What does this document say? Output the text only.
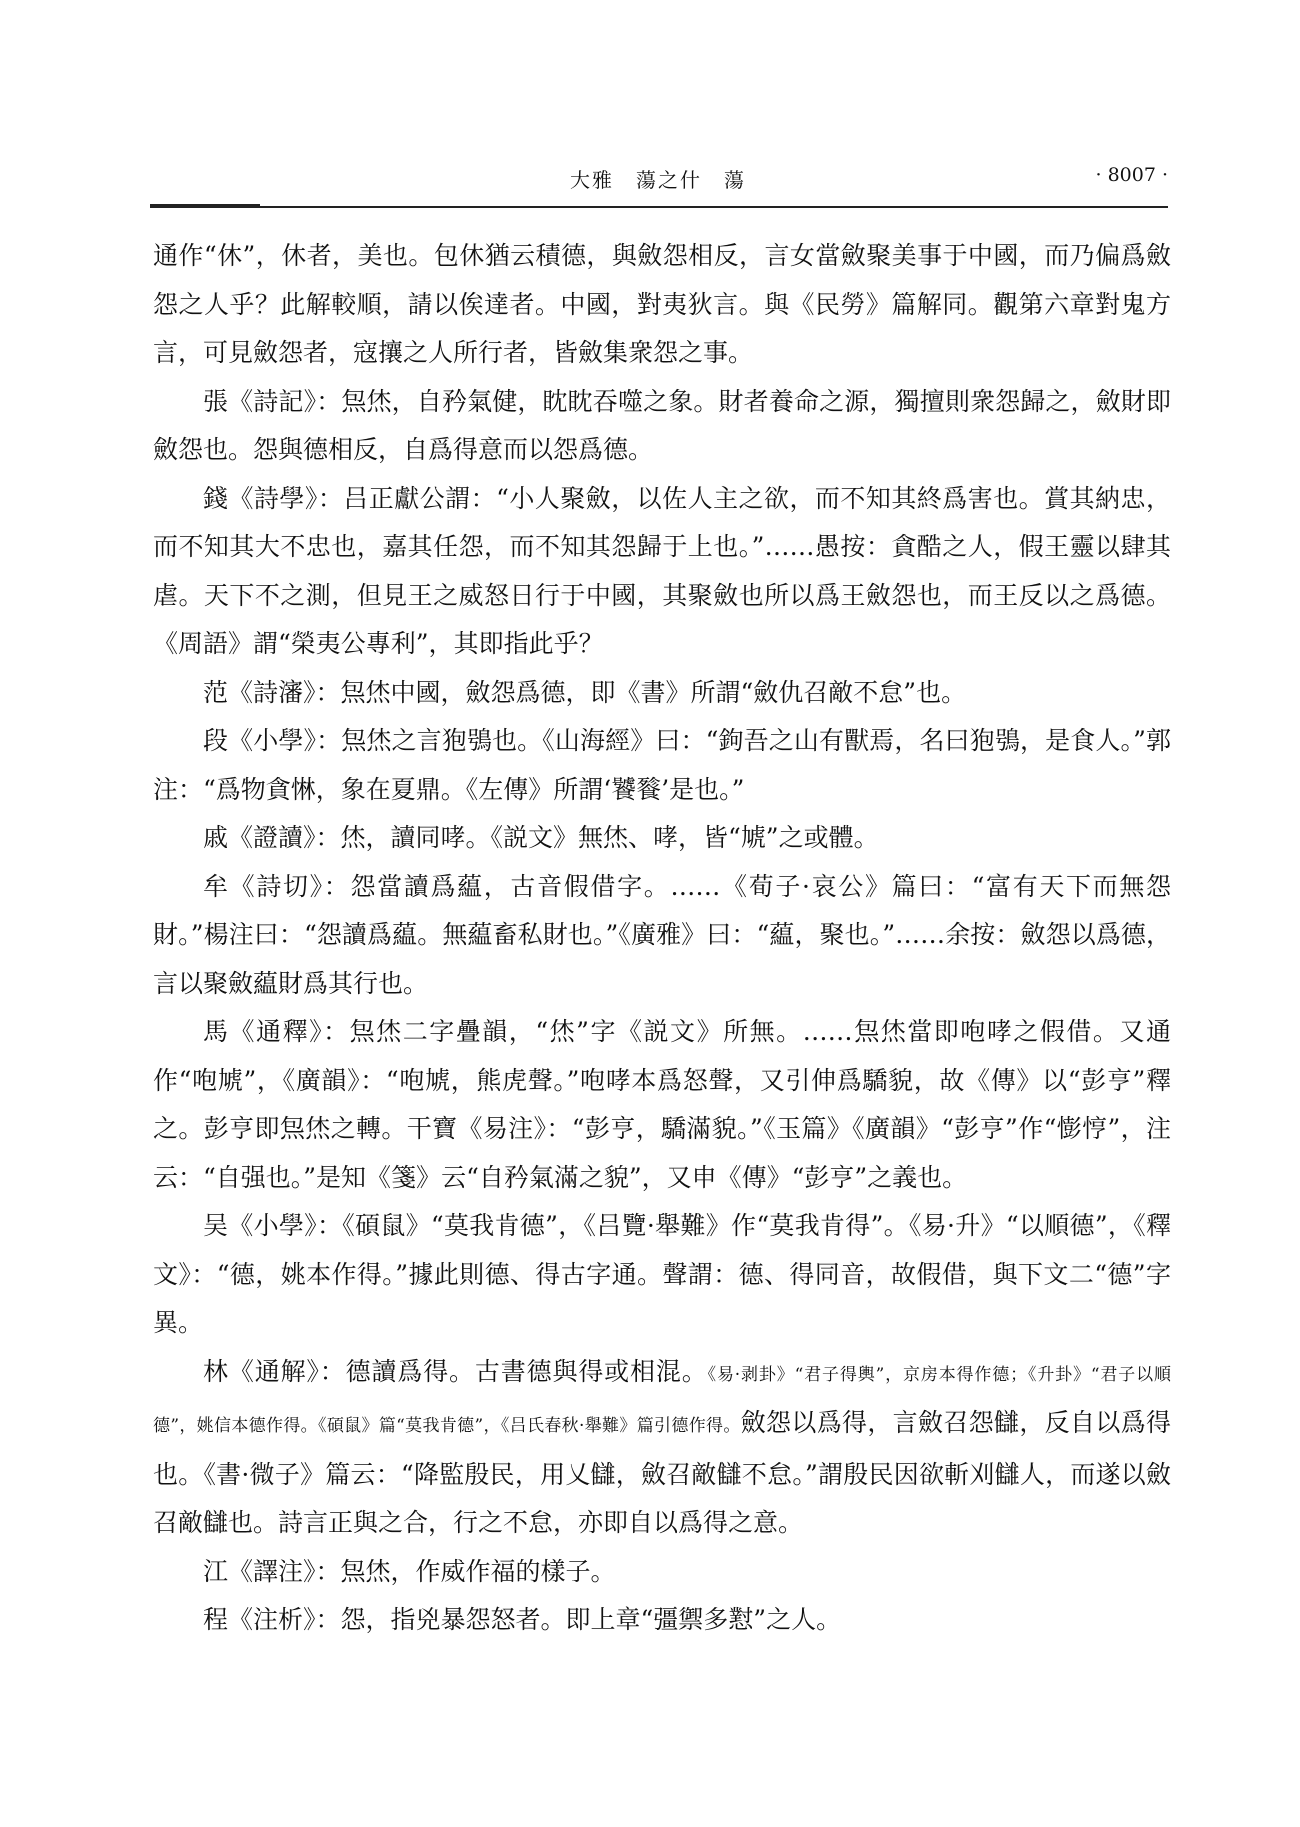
大雅　蕩之什　蕩	· 8007 ·

通作“休”，休者，美也。包休猶云積德，與斂怨相反，言女當斂聚美事于中國，而乃偏爲斂怨之人乎？此解較順，請以俟達者。中國，對夷狄言。與《民勞》篇解同。觀第六章對鬼方言，可見斂怨者，寇攘之人所行者，皆斂集衆怨之事。

張《詩記》：炰烋，自矜氣健，眈眈吞噬之象。財者養命之源，獨擅則衆怨歸之，斂財即斂怨也。怨與德相反，自爲得意而以怨爲德。

錢《詩學》：吕正獻公謂：“小人聚斂，以佐人主之欲，而不知其終爲害也。賞其納忠，而不知其大不忠也，嘉其任怨，而不知其怨歸于上也。”……愚按：貪酷之人，假王靈以肆其虐。天下不之測，但見王之威怒日行于中國，其聚斂也所以爲王斂怨也，而王反以之爲德。《周語》謂“榮夷公專利”，其即指此乎？

范《詩瀋》：炰烋中國，斂怨爲德，即《書》所謂“斂仇召敵不怠”也。

段《小學》：炰烋之言狍鴞也。《山海經》曰：“鉤吾之山有獸焉，名曰狍鴞，是食人。”郭注：“爲物貪惏，象在夏鼎。《左傳》所謂‘饕餮’是也。”

戚《證讀》：烋，讀同哮。《説文》無烋、哮，皆“虓”之或體。

牟《詩切》：怨當讀爲藴，古音假借字。……《荀子·哀公》篇曰：“富有天下而無怨財。”楊注曰：“怨讀爲藴。無藴畜私財也。”《廣雅》曰：“藴，聚也。”……余按：斂怨以爲德，言以聚斂藴財爲其行也。

馬《通釋》：炰烋二字疊韻，“烋”字《説文》所無。……炰烋當即咆哮之假借。又通作“咆虓”，《廣韻》：“咆虓，熊虎聲。”咆哮本爲怒聲，又引伸爲驕貌，故《傳》以“彭亨”釋之。彭亨即炰烋之轉。干寶《易注》：“彭亨，驕滿貌。”《玉篇》《廣韻》“彭亨”作“憉悙”，注云：“自强也。”是知《箋》云“自矜氣滿之貌”，又申《傳》“彭亨”之義也。

吴《小學》：《碩鼠》“莫我肯德”，《吕覽·舉難》作“莫我肯得”。《易·升》“以順德”，《釋文》：“德，姚本作得。”據此則德、得古字通。聲謂：德、得同音，故假借，與下文二“德”字異。

林《通解》：德讀爲得。古書德與得或相混。《易·剥卦》“君子得輿”，京房本得作德；《升卦》“君子以順德”，姚信本德作得。《碩鼠》篇“莫我肯德”，《吕氏春秋·舉難》篇引德作得。斂怨以爲得，言斂召怨讎，反自以爲得也。《書·微子》篇云：“降監殷民，用乂讎，斂召敵讎不怠。”謂殷民因欲斬刈讎人，而遂以斂召敵讎也。詩言正與之合，行之不怠，亦即自以爲得之意。

江《譯注》：炰烋，作威作福的樣子。

程《注析》：怨，指兇暴怨怒者。即上章“彊禦多懟”之人。
